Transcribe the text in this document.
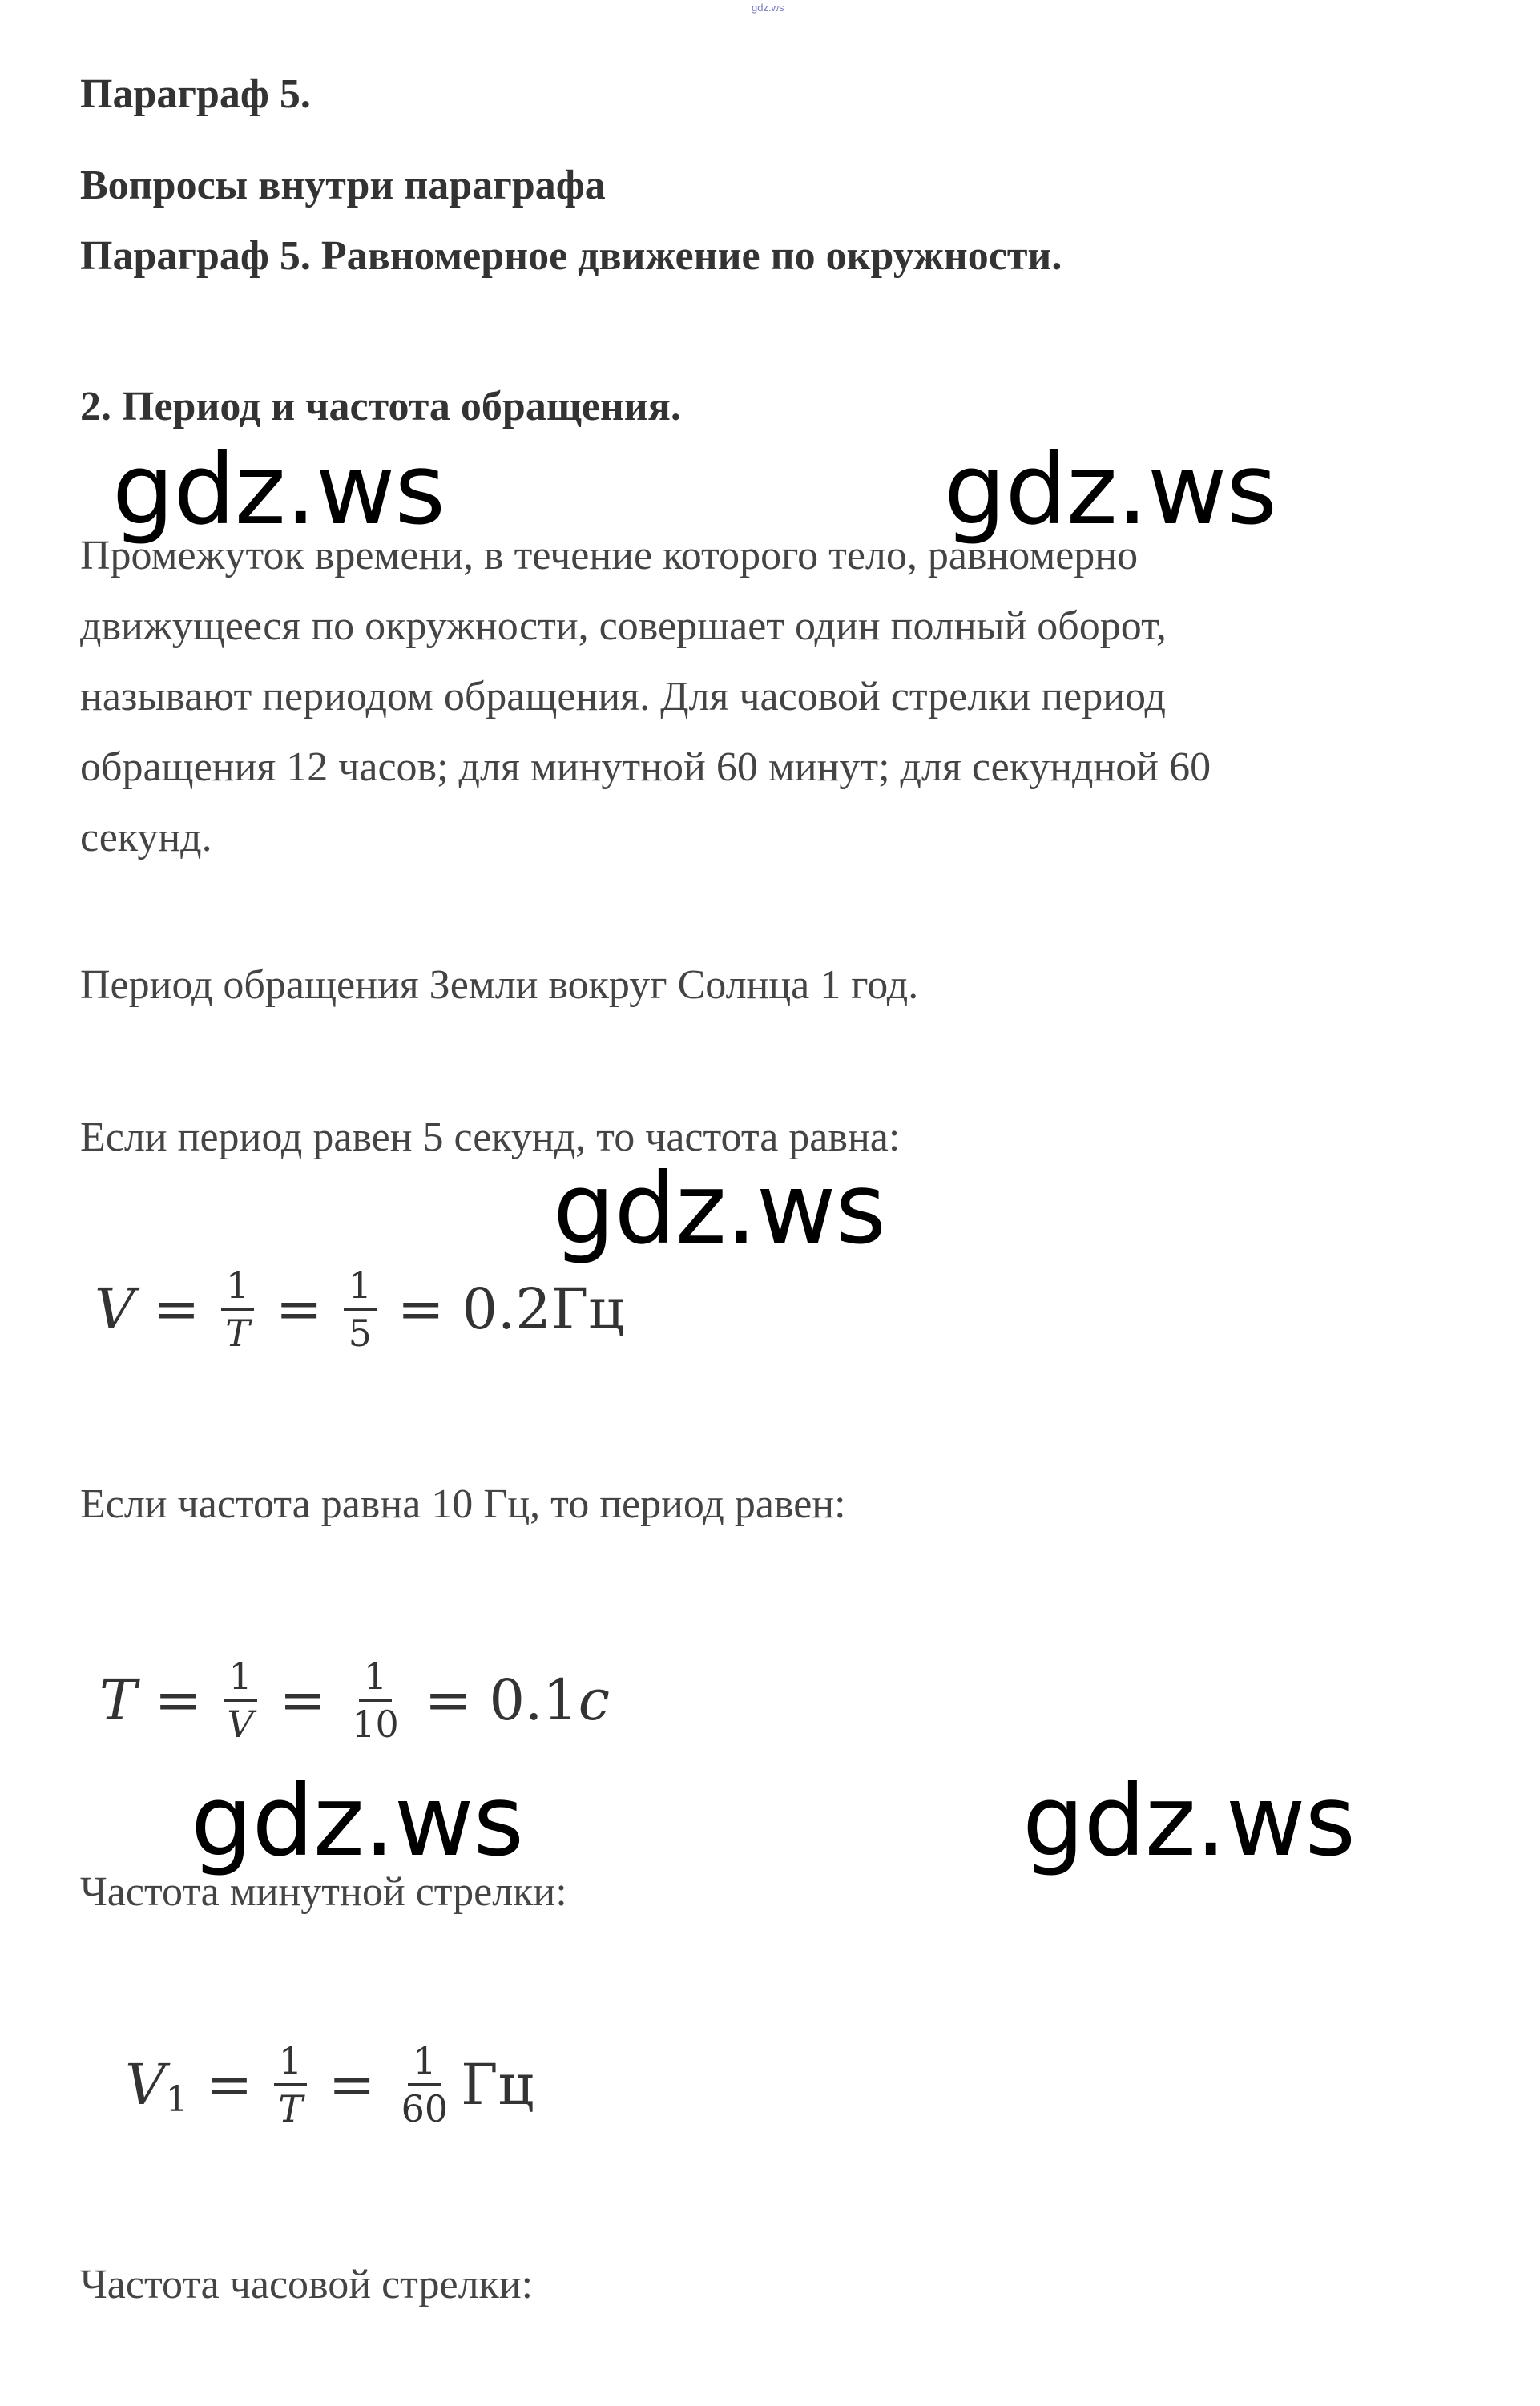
gdz.ws
Параграф 5.
Вопросы внутри параграфа
Параграф 5. Равномерное движение по окружности.
2. Период и частота обращения.
Промежуток времени, в течение которого тело, равномерно
движущееся по окружности, совершает один полный оборот,
называют периодом обращения. Для часовой стрелки период
обращения 12 часов; для минутной 60 минут; для секундной 60
секунд.
Период обращения Земли вокруг Солнца 1 год.
Если период равен 5 секунд, то частота равна:
$V = \frac{1}{T} = \frac{1}{5} = 0.2Гц$
Если частота равна 10 Гц, то период равен:
$T = \frac{1}{V} = \frac{1}{10} = 0.1$ c
Частота минутной стрелки:
V $1 = \frac{1}{T} = \frac{1}{60}$ Гц
Частота часовой стрелки:
gdz.ws	gdz.ws
gdz.ws
gdz.ws	gdz.ws
